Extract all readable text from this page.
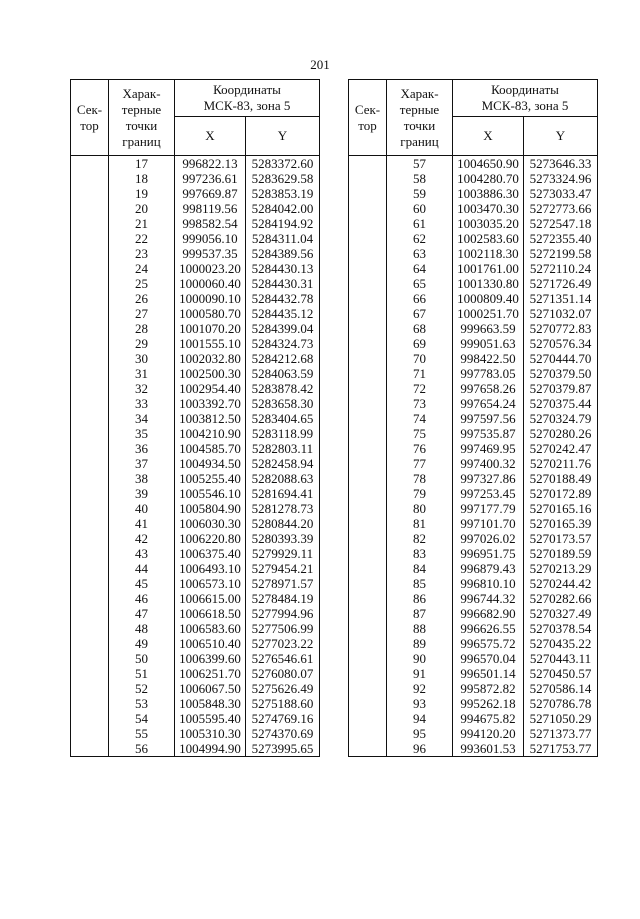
201
Сек-
тор	Харак-
терные
точки
границ	Координаты
МСК-83, зона 5	
		X	Y
	17	996822.13	5283372.60
	18	997236.61	5283629.58
	19	997669.87	5283853.19
	20	998119.56	5284042.00
	21	998582.54	5284194.92
	22	999056.10	5284311.04
	23	999537.35	5284389.56
	24	1000023.20	5284430.13
	25	1000060.40	5284430.31
	26	1000090.10	5284432.78
	27	1000580.70	5284435.12
	28	1001070.20	5284399.04
	29	1001555.10	5284324.73
	30	1002032.80	5284212.68
	31	1002500.30	5284063.59
	32	1002954.40	5283878.42
	33	1003392.70	5283658.30
	34	1003812.50	5283404.65
	35	1004210.90	5283118.99
	36	1004585.70	5282803.11
	37	1004934.50	5282458.94
	38	1005255.40	5282088.63
	39	1005546.10	5281694.41
	40	1005804.90	5281278.73
	41	1006030.30	5280844.20
	42	1006220.80	5280393.39
	43	1006375.40	5279929.11
	44	1006493.10	5279454.21
	45	1006573.10	5278971.57
	46	1006615.00	5278484.19
	47	1006618.50	5277994.96
	48	1006583.60	5277506.99
	49	1006510.40	5277023.22
	50	1006399.60	5276546.61
	51	1006251.70	5276080.07
	52	1006067.50	5275626.49
	53	1005848.30	5275188.60
	54	1005595.40	5274769.16
	55	1005310.30	5274370.69
	56	1004994.90	5273995.65
Сек-
тор	Харак-
терные
точки
границ	Координаты
МСК-83, зона 5	
		X	Y
	57	1004650.90	5273646.33
	58	1004280.70	5273324.96
	59	1003886.30	5273033.47
	60	1003470.30	5272773.66
	61	1003035.20	5272547.18
	62	1002583.60	5272355.40
	63	1002118.30	5272199.58
	64	1001761.00	5272110.24
	65	1001330.80	5271726.49
	66	1000809.40	5271351.14
	67	1000251.70	5271032.07
	68	999663.59	5270772.83
	69	999051.63	5270576.34
	70	998422.50	5270444.70
	71	997783.05	5270379.50
	72	997658.26	5270379.87
	73	997654.24	5270375.44
	74	997597.56	5270324.79
	75	997535.87	5270280.26
	76	997469.95	5270242.47
	77	997400.32	5270211.76
	78	997327.86	5270188.49
	79	997253.45	5270172.89
	80	997177.79	5270165.16
	81	997101.70	5270165.39
	82	997026.02	5270173.57
	83	996951.75	5270189.59
	84	996879.43	5270213.29
	85	996810.10	5270244.42
	86	996744.32	5270282.66
	87	996682.90	5270327.49
	88	996626.55	5270378.54
	89	996575.72	5270435.22
	90	996570.04	5270443.11
	91	996501.14	5270450.57
	92	995872.82	5270586.14
	93	995262.18	5270786.78
	94	994675.82	5271050.29
	95	994120.20	5271373.77
	96	993601.53	5271753.77
